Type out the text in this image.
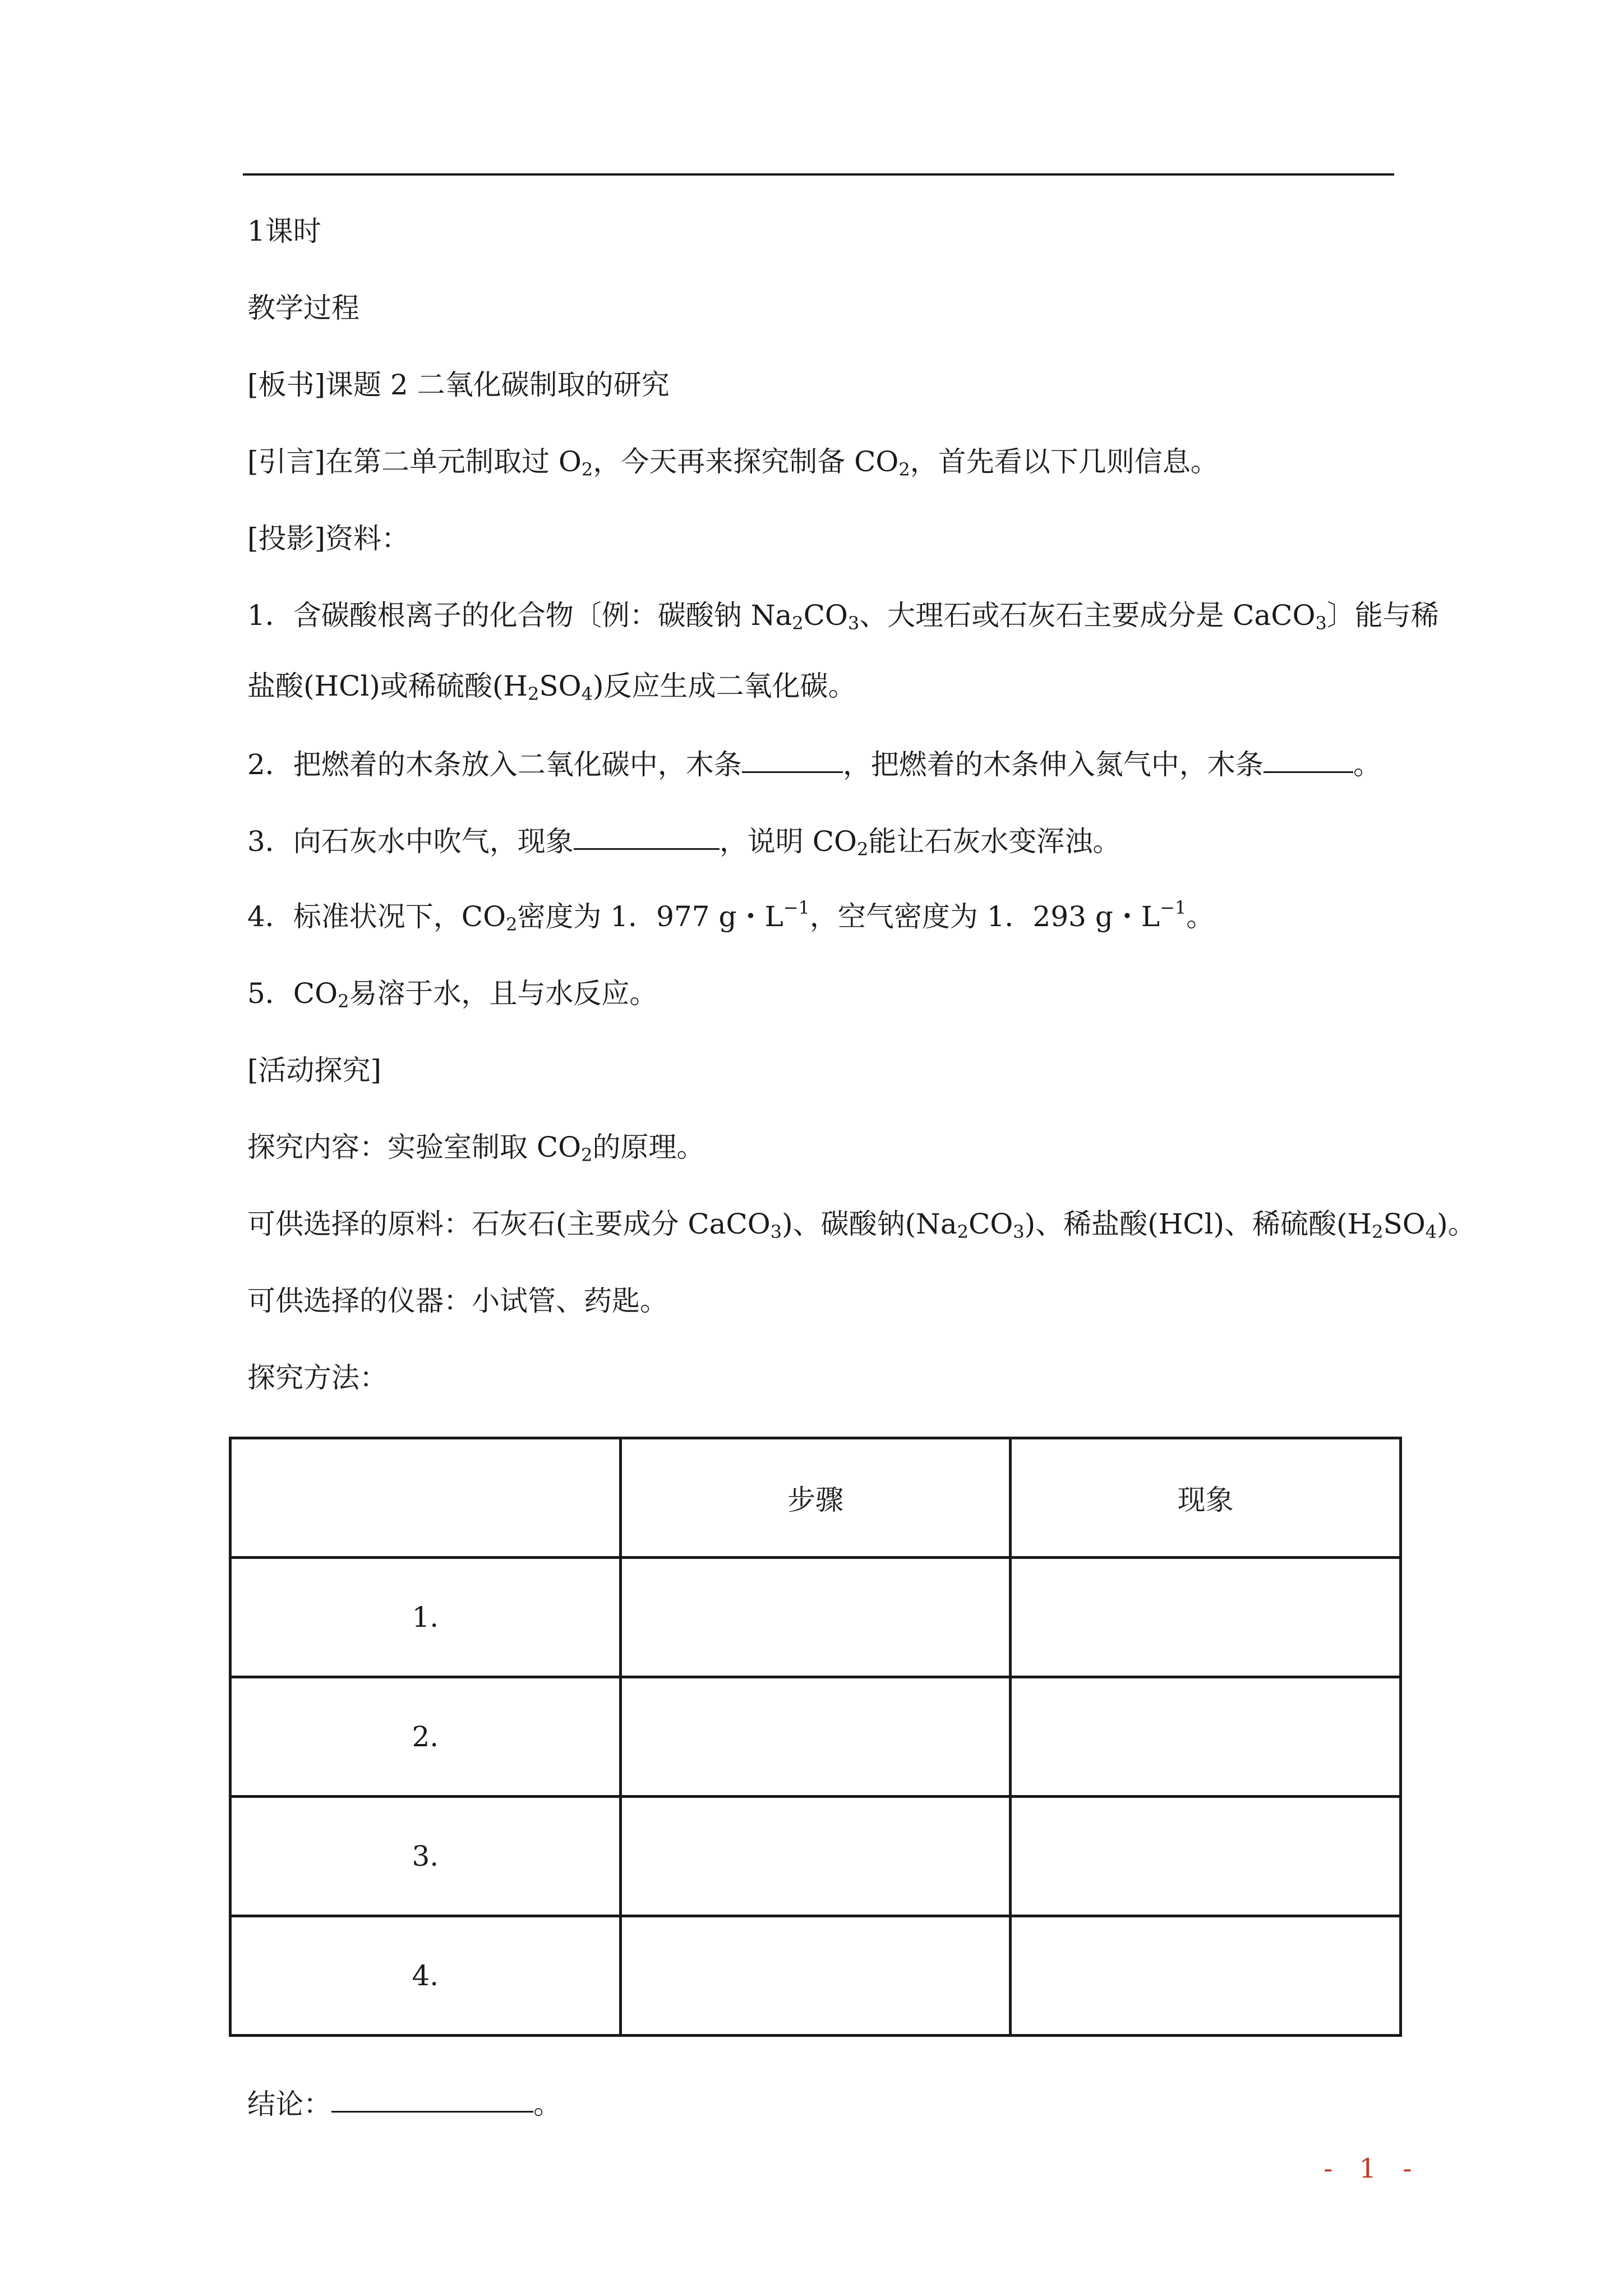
1课时
教学过程
[板书]课题 2 二氧化碳制取的研究
[引言]在第二单元制取过 $O_2$，今天再来探究制备 $CO_2$，首先看以下几则信息。
[投影]资料：
1．含碳酸根离子的化合物〔例：碳酸钠 $Na_2CO_3$、大理石或石灰石主要成分是 CaCO$_3$〕能与稀
盐酸(HCl)或稀硫酸$(H_2SO_4)$反应生成二氧化碳。
2．把燃着的木条放入二氧化碳中，木条	，把燃着的木条伸入氮气中，木条	。
3．向石灰水中吹气，现象	，说明 $CO_2$能让石灰水变浑浊。
4．标准状况下，$CO_2$密度为 1．977 g・$L^{-1}$，空气密度为 1．293 g・$L^{-1}$。
5．$CO_2$易溶于水，且与水反应。
[活动探究]
探究内容：实验室制取 $CO_2$的原理。
可供选择的原料：石灰石(主要成分 CaCO$_3$)、碳酸钠$(Na_2CO_3)$、稀盐酸(HCl)、稀硫酸$(H_2SO_4)$。
可供选择的仪器：小试管、药匙。
探究方法：
	步骤	现象
1.		
2.		
3.		
4.		
结论：	。
- 1 -
